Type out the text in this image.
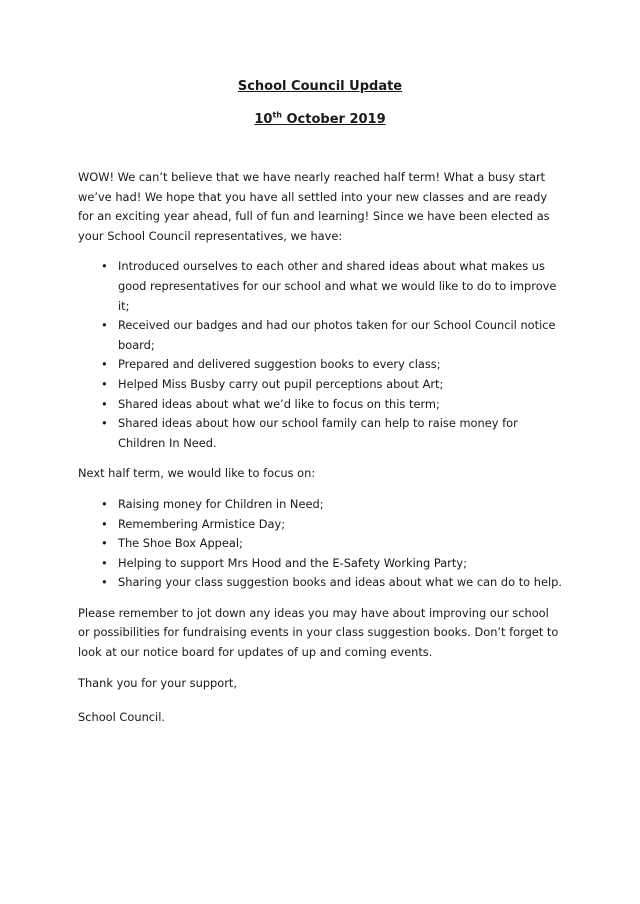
School Council Update
10th October 2019

WOW! We can’t believe that we have nearly reached half term! What a busy start we’ve had! We hope that you have all settled into your new classes and are ready for an exciting year ahead, full of fun and learning! Since we have been elected as your School Council representatives, we have:

• Introduced ourselves to each other and shared ideas about what makes us good representatives for our school and what we would like to do to improve it;
• Received our badges and had our photos taken for our School Council notice board;
• Prepared and delivered suggestion books to every class;
• Helped Miss Busby carry out pupil perceptions about Art;
• Shared ideas about what we’d like to focus on this term;
• Shared ideas about how our school family can help to raise money for Children In Need.

Next half term, we would like to focus on:

• Raising money for Children in Need;
• Remembering Armistice Day;
• The Shoe Box Appeal;
• Helping to support Mrs Hood and the E-Safety Working Party;
• Sharing your class suggestion books and ideas about what we can do to help.

Please remember to jot down any ideas you may have about improving our school or possibilities for fundraising events in your class suggestion books. Don’t forget to look at our notice board for updates of up and coming events.

Thank you for your support,

School Council.
